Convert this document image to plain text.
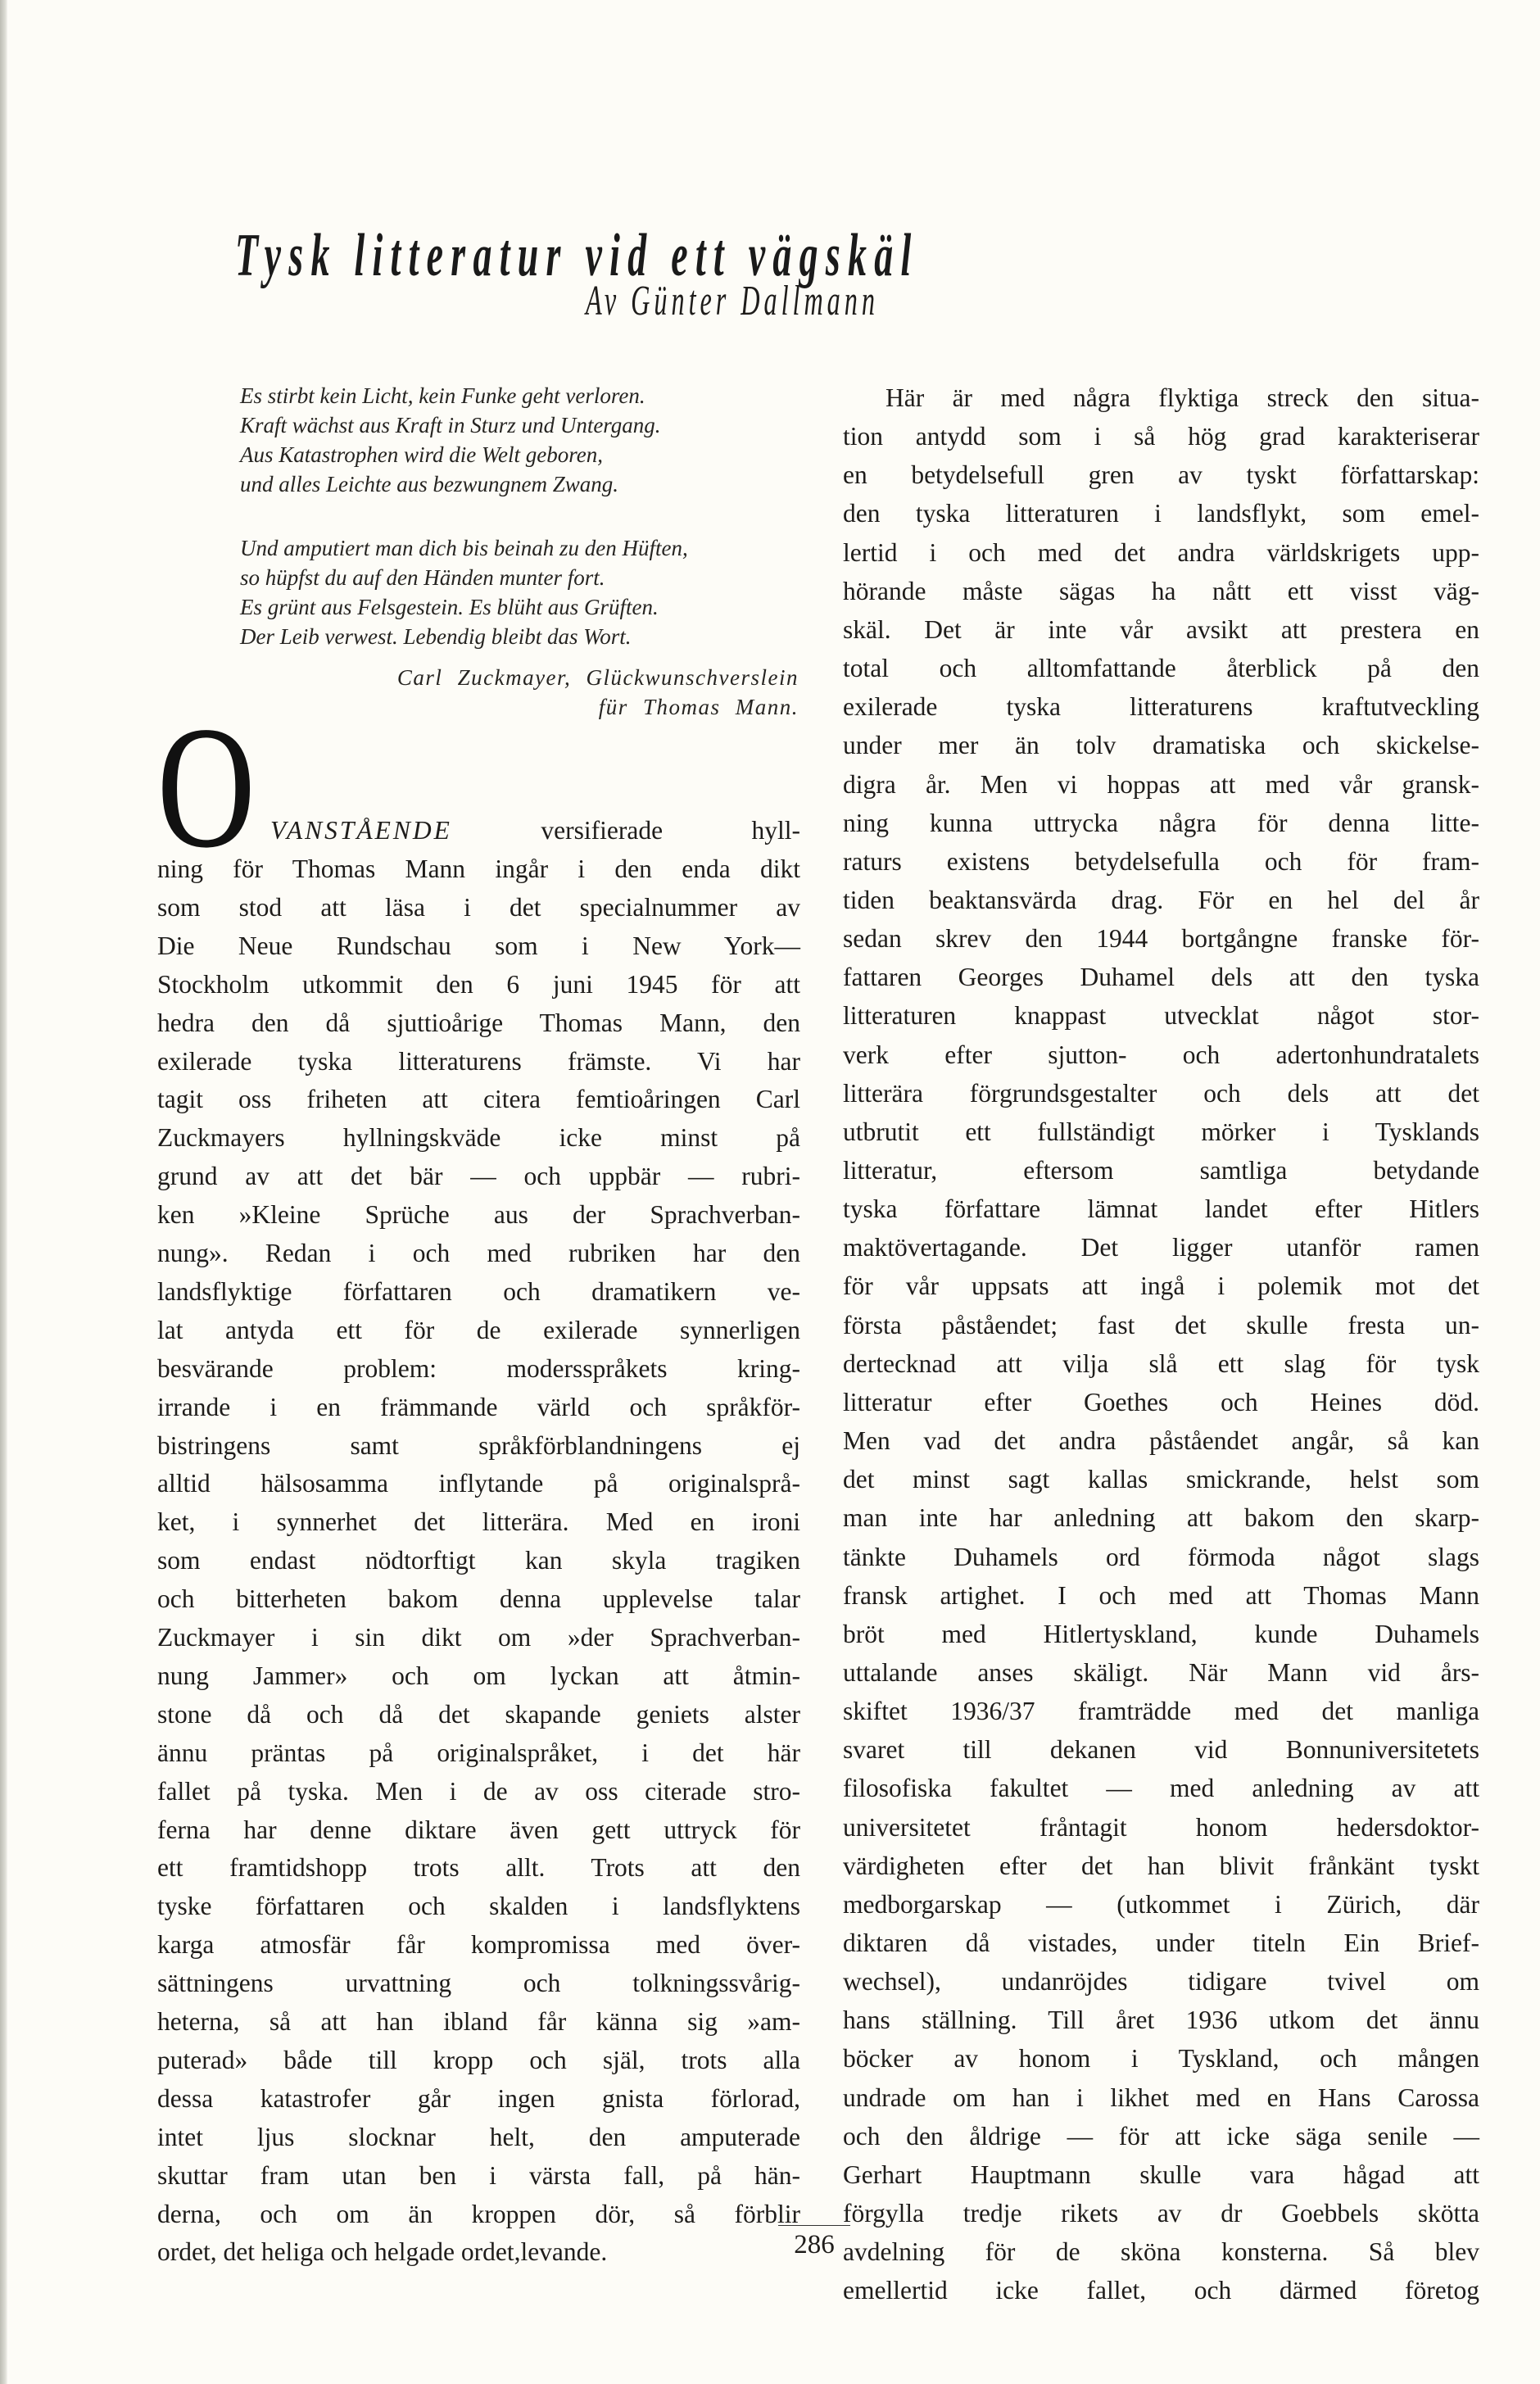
Tysk litteratur vid ett vägskäl
Av Günter Dallmann
Es stirbt kein Licht, kein Funke geht verloren.
Kraft wächst aus Kraft in Sturz und Untergang.
Aus Katastrophen wird die Welt geboren,
und alles Leichte aus bezwungnem Zwang.
Und amputiert man dich bis beinah zu den Hüften,
so hüpfst du auf den Händen munter fort.
Es grünt aus Felsgestein. Es blüht aus Grüften.
Der Leib verwest. Lebendig bleibt das Wort.
Carl Zuckmayer, Glückwunschverslein
für Thomas Mann.
O VANSTÅENDE	versifierade hyll-
ning för Thomas Mann ingår i den enda dikt
som stod att läsa i det specialnummer av
Die Neue Rundschau som i New York—
Stockholm utkommit den 6 juni 1945 för att
hedra den då sjuttioårige Thomas Mann, den
exilerade tyska litteraturens främste. Vi har
tagit oss friheten att citera femtioåringen Carl
Zuckmayers hyllningskväde icke minst på
grund av att det bär — och uppbär — rubri-
ken »Kleine Sprüche aus der Sprachverban-
nung». Redan i och med rubriken har den
landsflyktige författaren och dramatikern ve-
lat antyda ett för de exilerade synnerligen
besvärande problem: modersspråkets kring-
irrande i en främmande värld och språkför-
bistringens samt språkförblandningens ej
alltid hälsosamma inflytande på originalsprå-
ket, i synnerhet det litterära. Med en ironi
som endast nödtorftigt kan skyla tragiken
och bitterheten bakom denna upplevelse talar
Zuckmayer i sin dikt om »der Sprachverban-
nung Jammer» och om lyckan att åtmin-
stone då och då det skapande geniets alster
ännu präntas på originalspråket, i det här
fallet på tyska. Men i de av oss citerade stro-
ferna har denne diktare även gett uttryck för
ett framtidshopp trots allt. Trots att den
tyske författaren och skalden i landsflyktens
karga atmosfär får kompromissa med över-
sättningens urvattning och tolkningssvårig-
heterna, så att han ibland får känna sig »am-
puterad» både till kropp och själ, trots alla
dessa katastrofer går ingen gnista förlorad,
intet ljus slocknar helt, den amputerade
skuttar fram utan ben i värsta fall, på hän-
derna, och om än kroppen dör, så förblir
ordet, det heliga och helgade ordet,levande.
Här är med några flyktiga streck den situa-
tion antydd som i så hög grad karakteriserar
en betydelsefull gren av tyskt författarskap:
den tyska litteraturen i landsflykt, som emel-
lertid i och med det andra världskrigets upp-
hörande måste sägas ha nått ett visst väg-
skäl. Det är inte vår avsikt att prestera en
total och alltomfattande återblick på den
exilerade tyska litteraturens kraftutveckling
under mer än tolv dramatiska och skickelse-
digra år. Men vi hoppas att med vår gransk-
ning kunna uttrycka några för denna litte-
raturs existens betydelsefulla och för fram-
tiden beaktansvärda drag. För en hel del år
sedan skrev den 1944 bortgångne franske för-
fattaren Georges Duhamel dels att den tyska
litteraturen knappast utvecklat något stor-
verk efter sjutton- och adertonhundratalets
litterära förgrundsgestalter och dels att det
utbrutit ett fullständigt mörker i Tysklands
litteratur, eftersom samtliga betydande
tyska författare lämnat landet efter Hitlers
maktövertagande. Det ligger utanför ramen
för vår uppsats att ingå i polemik mot det
första påståendet; fast det skulle fresta un-
dertecknad att vilja slå ett slag för tysk
litteratur efter Goethes och Heines död.
Men vad det andra påståendet angår, så kan
det minst sagt kallas smickrande, helst som
man inte har anledning att bakom den skarp-
tänkte Duhamels ord förmoda något slags
fransk artighet. I och med att Thomas Mann
bröt med Hitlertyskland, kunde Duhamels
uttalande anses skäligt. När Mann vid års-
skiftet 1936/37 framträdde med det manliga
svaret till dekanen vid Bonnuniversitetets
filosofiska fakultet — med anledning av att
universitetet fråntagit honom hedersdoktor-
värdigheten efter det han blivit frånkänt tyskt
medborgarskap — (utkommet i Zürich, där
diktaren då vistades, under titeln Ein Brief-
wechsel), undanröjdes tidigare tvivel om
hans ställning. Till året 1936 utkom det ännu
böcker av honom i Tyskland, och mången
undrade om han i likhet med en Hans Carossa
och den åldrige — för att icke säga senile —
Gerhart Hauptmann skulle vara hågad att
förgylla tredje rikets av dr Goebbels skötta
avdelning för de sköna konsterna. Så blev
emellertid icke fallet, och därmed företog
286
